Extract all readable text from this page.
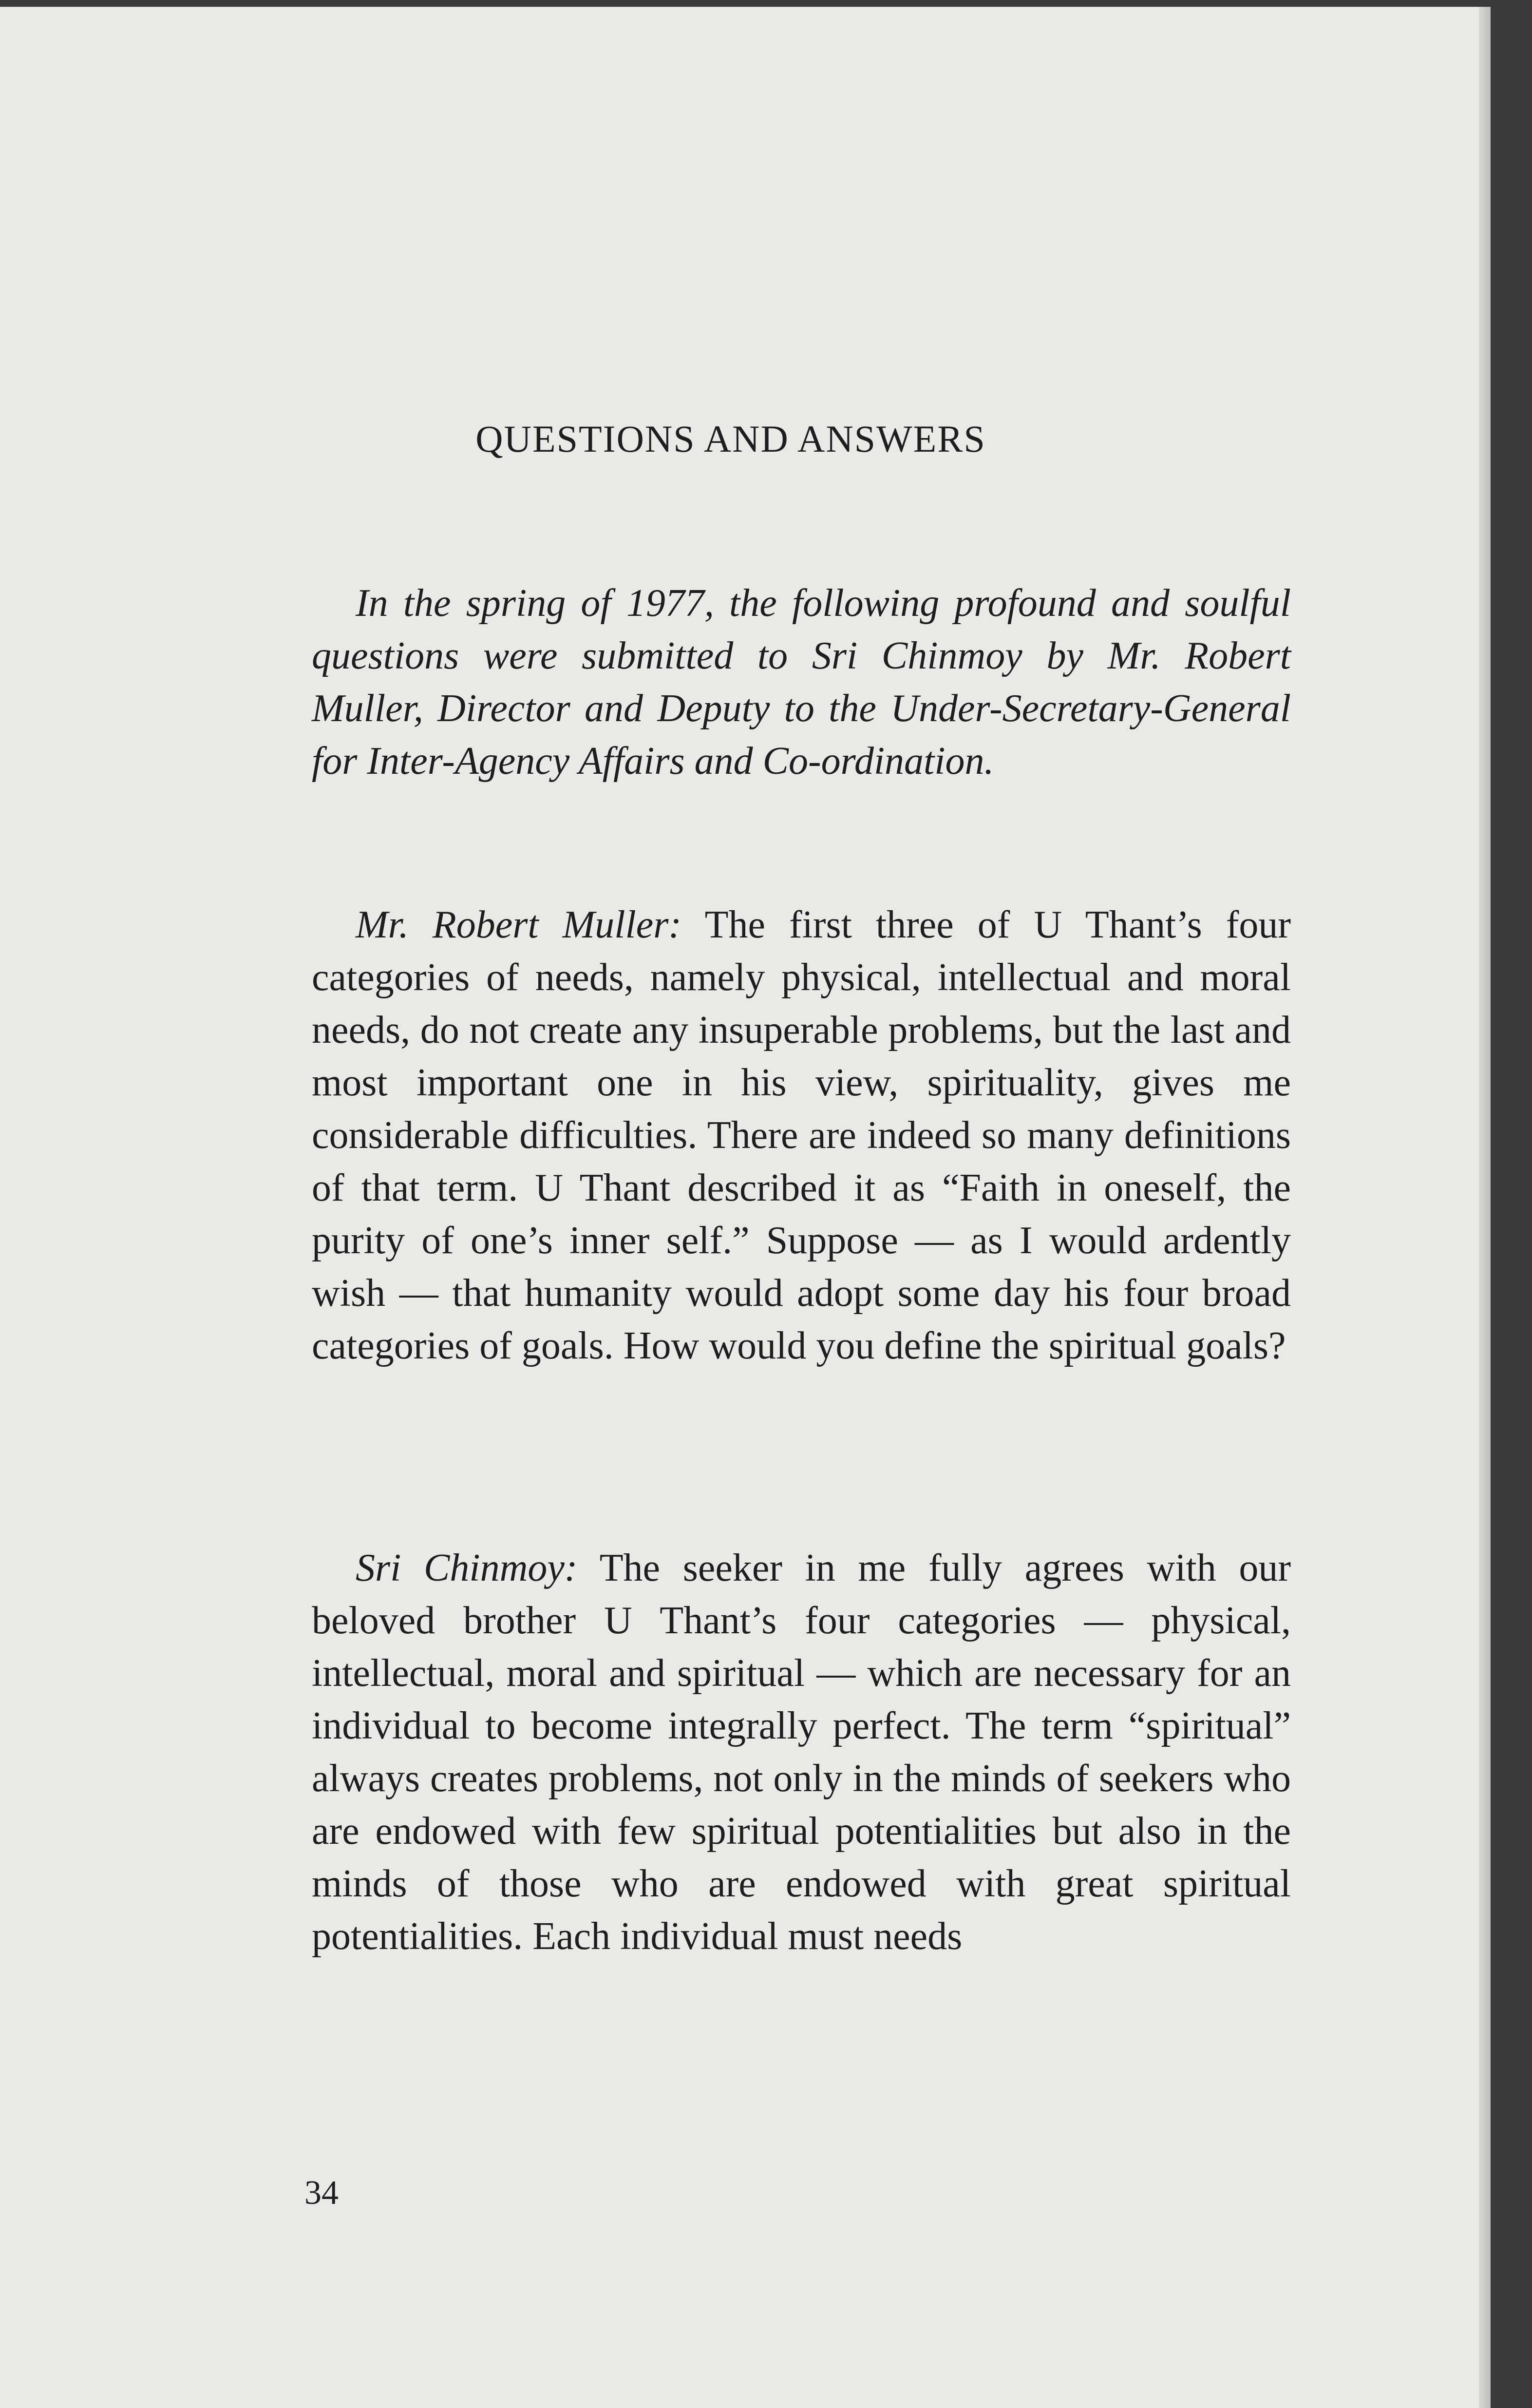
QUESTIONS AND ANSWERS

In the spring of 1977, the following profound and soulful questions were submitted to Sri Chinmoy by Mr. Robert Muller, Director and Deputy to the Under-Secretary-General for Inter-Agency Affairs and Co-ordination.

Mr. Robert Muller: The first three of U Thant’s four categories of needs, namely physical, intellectual and moral needs, do not create any insuperable problems, but the last and most important one in his view, spirituality, gives me considerable difficulties. There are indeed so many definitions of that term. U Thant described it as “Faith in oneself, the purity of one’s inner self.” Suppose — as I would ardently wish — that humanity would adopt some day his four broad categories of goals. How would you define the spiritual goals?

Sri Chinmoy: The seeker in me fully agrees with our beloved brother U Thant’s four categories — physical, intellectual, moral and spiritual — which are necessary for an individual to become integrally perfect. The term “spiritual” always creates problems, not only in the minds of seekers who are endowed with few spiritual potentialities but also in the minds of those who are endowed with great spiritual potentialities. Each individual must needs

34
